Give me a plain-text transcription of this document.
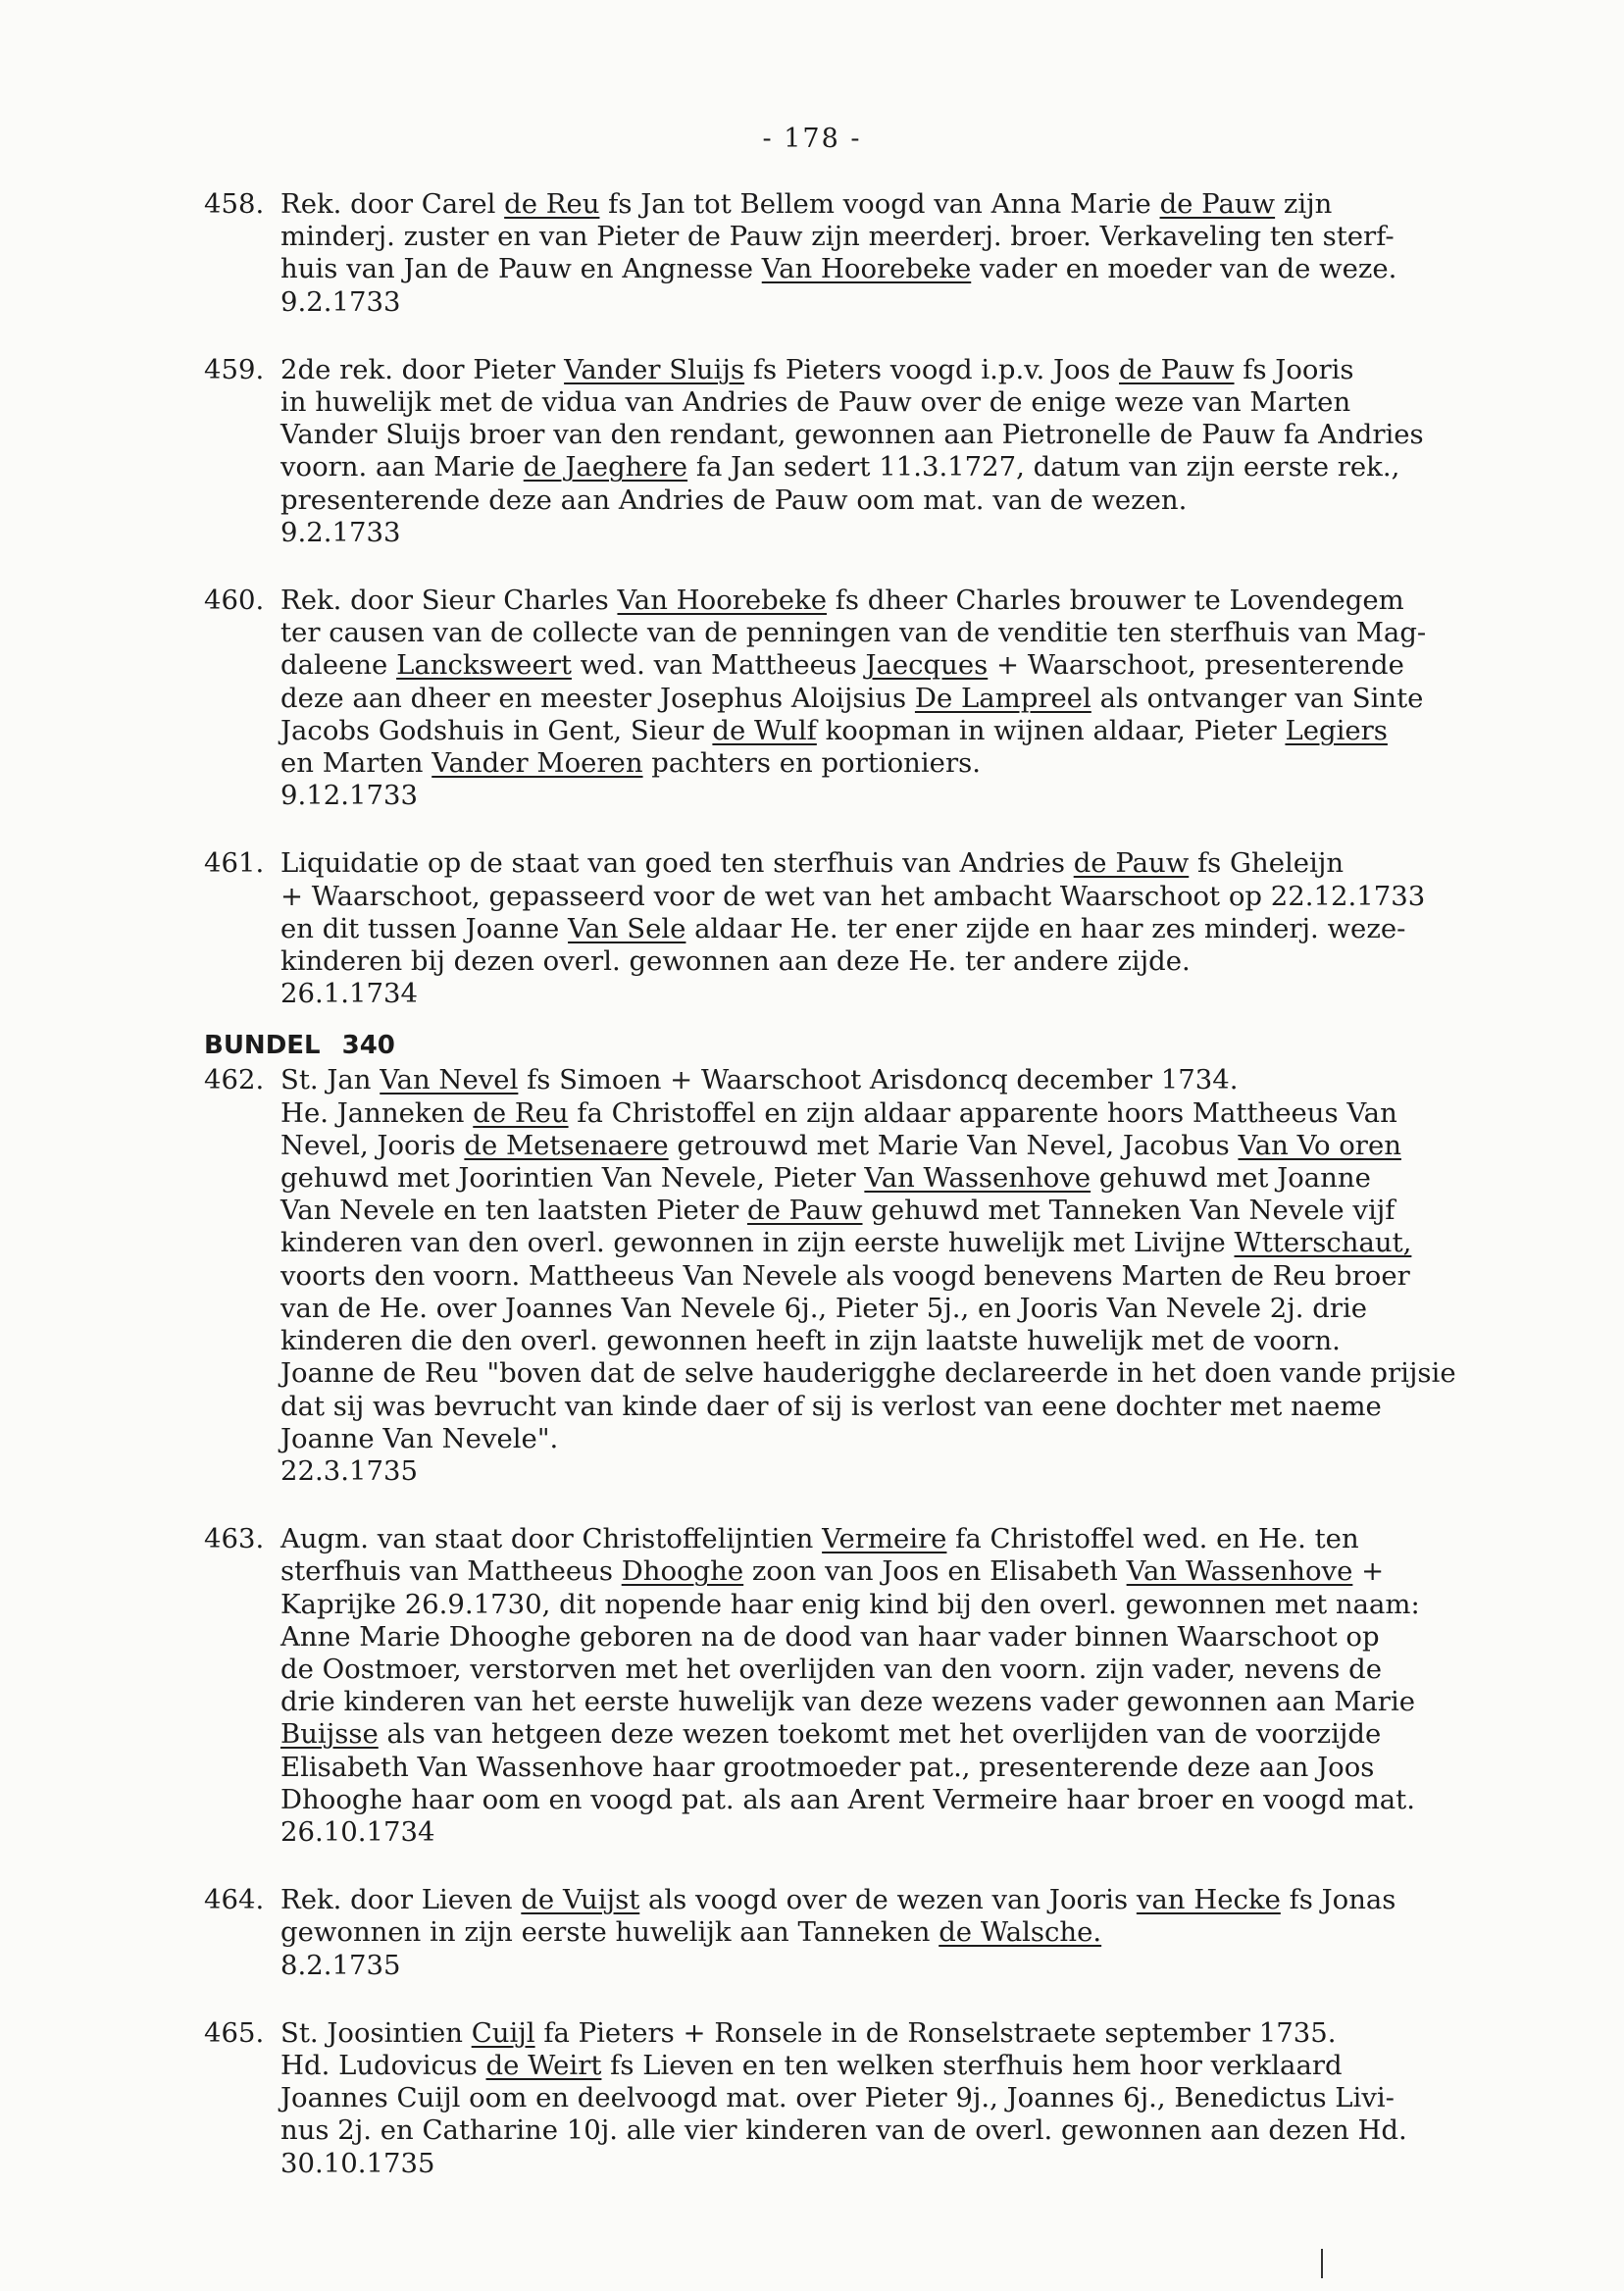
- 178 -
458. Rek. door Carel de Reu fs Jan tot Bellem voogd van Anna Marie de Pauw zijn
minderj. zuster en van Pieter de Pauw zijn meerderj. broer. Verkaveling ten sterf-
huis van Jan de Pauw en Angnesse Van Hoorebeke vader en moeder van de weze.
9.2.1733
459. 2de rek. door Pieter Vander Sluijs fs Pieters voogd i.p.v. Joos de Pauw fs Jooris
in huwelijk met de vidua van Andries de Pauw over de enige weze van Marten
Vander Sluijs broer van den rendant, gewonnen aan Pietronelle de Pauw fa Andries
voorn. aan Marie de Jaeghere fa Jan sedert 11.3.1727, datum van zijn eerste rek.,
presenterende deze aan Andries de Pauw oom mat. van de wezen.
9.2.1733
460. Rek. door Sieur Charles Van Hoorebeke fs dheer Charles brouwer te Lovendegem
ter causen van de collecte van de penningen van de venditie ten sterfhuis van Mag-
daleene Lancksweert wed. van Mattheeus Jaecques + Waarschoot, presenterende
deze aan dheer en meester Josephus Aloijsius De Lampreel als ontvanger van Sinte
Jacobs Godshuis in Gent, Sieur de Wulf koopman in wijnen aldaar, Pieter Legiers
en Marten Vander Moeren pachters en portioniers.
9.12.1733
461. Liquidatie op de staat van goed ten sterfhuis van Andries de Pauw fs Gheleijn
+ Waarschoot, gepasseerd voor de wet van het ambacht Waarschoot op 22.12.1733
en dit tussen Joanne Van Sele aldaar He. ter ener zijde en haar zes minderj. weze-
kinderen bij dezen overl. gewonnen aan deze He. ter andere zijde.
26.1.1734
BUNDEL 340
462. St. Jan Van Nevel fs Simoen + Waarschoot Arisdoncq december 1734.
He. Janneken de Reu fa Christoffel en zijn aldaar apparente hoors Mattheeus Van
Nevel, Jooris de Metsenaere getrouwd met Marie Van Nevel, Jacobus Van Vo oren
gehuwd met Joorintien Van Nevele, Pieter Van Wassenhove gehuwd met Joanne
Van Nevele en ten laatsten Pieter de Pauw gehuwd met Tanneken Van Nevele vijf
kinderen van den overl. gewonnen in zijn eerste huwelijk met Livijne Wtterschaut,
voorts den voorn. Mattheeus Van Nevele als voogd benevens Marten de Reu broer
van de He. over Joannes Van Nevele 6j., Pieter 5j., en Jooris Van Nevele 2j. drie
kinderen die den overl. gewonnen heeft in zijn laatste huwelijk met de voorn.
Joanne de Reu "boven dat de selve hauderigghe declareerde in het doen vande prijsie
dat sij was bevrucht van kinde daer of sij is verlost van eene dochter met naeme
Joanne Van Nevele".
22.3.1735
463. Augm. van staat door Christoffelijntien Vermeire fa Christoffel wed. en He. ten
sterfhuis van Mattheeus Dhooghe zoon van Joos en Elisabeth Van Wassenhove +
Kaprijke 26.9.1730, dit nopende haar enig kind bij den overl. gewonnen met naam:
Anne Marie Dhooghe geboren na de dood van haar vader binnen Waarschoot op
de Oostmoer, verstorven met het overlijden van den voorn. zijn vader, nevens de
drie kinderen van het eerste huwelijk van deze wezens vader gewonnen aan Marie
Buijsse als van hetgeen deze wezen toekomt met het overlijden van de voorzijde
Elisabeth Van Wassenhove haar grootmoeder pat., presenterende deze aan Joos
Dhooghe haar oom en voogd pat. als aan Arent Vermeire haar broer en voogd mat.
26.10.1734
464. Rek. door Lieven de Vuijst als voogd over de wezen van Jooris van Hecke fs Jonas
gewonnen in zijn eerste huwelijk aan Tanneken de Walsche.
8.2.1735
465. St. Joosintien Cuijl fa Pieters + Ronsele in de Ronselstraete september 1735.
Hd. Ludovicus de Weirt fs Lieven en ten welken sterfhuis hem hoor verklaard
Joannes Cuijl oom en deelvoogd mat. over Pieter 9j., Joannes 6j., Benedictus Livi-
nus 2j. en Catharine 10j. alle vier kinderen van de overl. gewonnen aan dezen Hd.
30.10.1735
